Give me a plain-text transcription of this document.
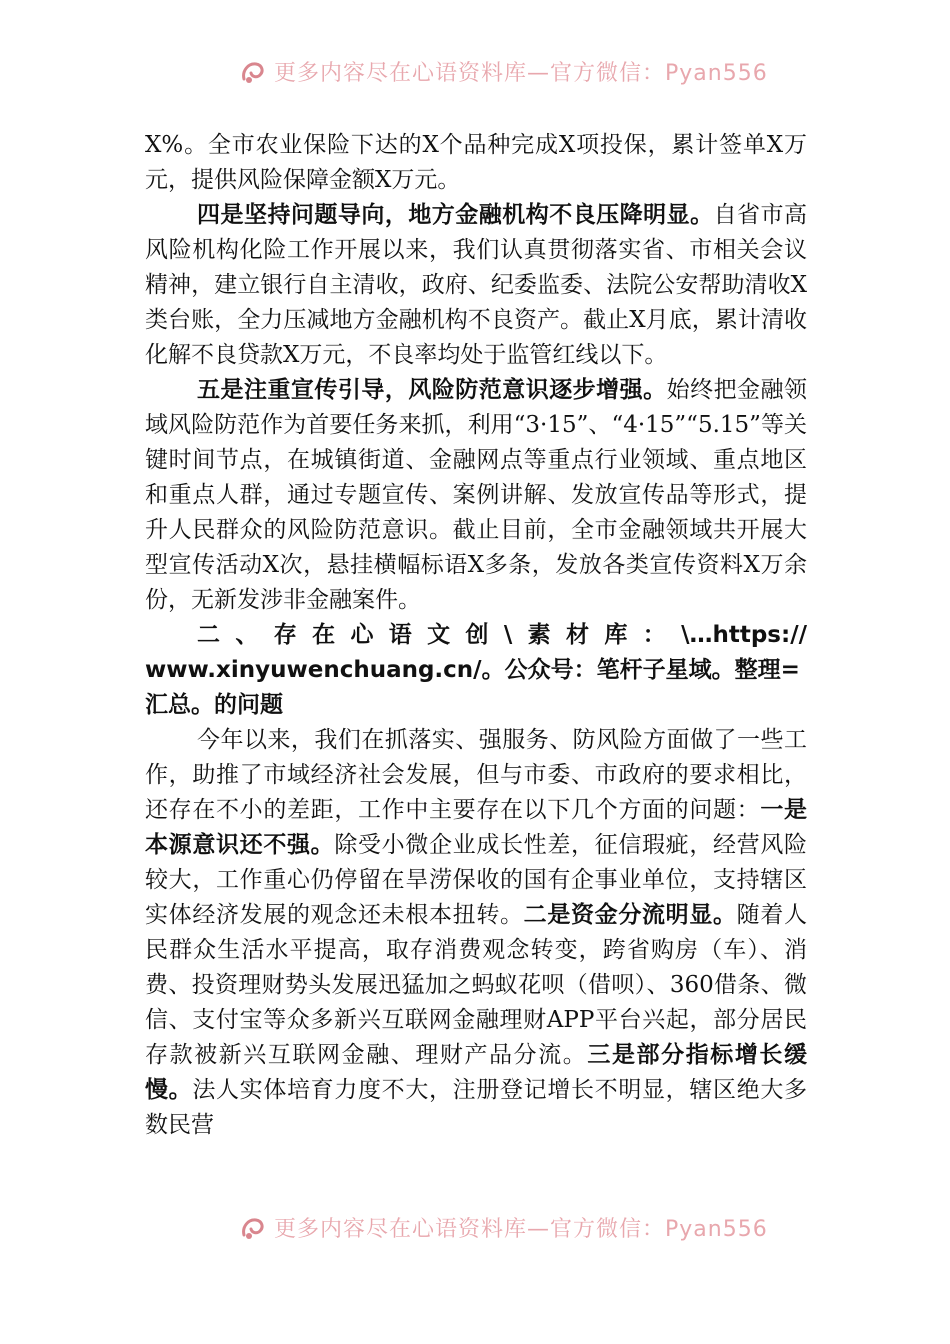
更多内容尽在心语资料库—官方微信：Pyan556

X%。全市农业保险下达的X个品种完成X项投保，累计签单X万元，提供风险保障金额X万元。

四是坚持问题导向，地方金融机构不良压降明显。自省市高风险机构化险工作开展以来，我们认真贯彻落实省、市相关会议精神，建立银行自主清收，政府、纪委监委、法院公安帮助清收X类台账，全力压减地方金融机构不良资产。截止X月底，累计清收化解不良贷款X万元，不良率均处于监管红线以下。

五是注重宣传引导，风险防范意识逐步增强。始终把金融领域风险防范作为首要任务来抓，利用“3·15”、“4·15”“5.15”等关键时间节点，在城镇街道、金融网点等重点行业领域、重点地区和重点人群，通过专题宣传、案例讲解、发放宣传品等形式，提升人民群众的风险防范意识。截止目前，全市金融领域共开展大型宣传活动X次，悬挂横幅标语X多条，发放各类宣传资料X万余份，无新发涉非金融案件。

二 、 存 在 心 语 文 创 \ 素 材 库 ： \…https://

www.xinyuwenchuang.cn/。公众号：笔杆子星域。整理=汇总。的问题

今年以来，我们在抓落实、强服务、防风险方面做了一些工作，助推了市域经济社会发展，但与市委、市政府的要求相比，还存在不小的差距，工作中主要存在以下几个方面的问题：一是本源意识还不强。除受小微企业成长性差，征信瑕疵，经营风险较大，工作重心仍停留在旱涝保收的国有企事业单位，支持辖区实体经济发展的观念还未根本扭转。二是资金分流明显。随着人民群众生活水平提高，取存消费观念转变，跨省购房（车）、消费、投资理财势头发展迅猛加之蚂蚁花呗（借呗）、360借条、微信、支付宝等众多新兴互联网金融理财APP平台兴起，部分居民存款被新兴互联网金融、理财产品分流。三是部分指标增长缓慢。法人实体培育力度不大，注册登记增长不明显，辖区绝大多数民营

更多内容尽在心语资料库—官方微信：Pyan556
